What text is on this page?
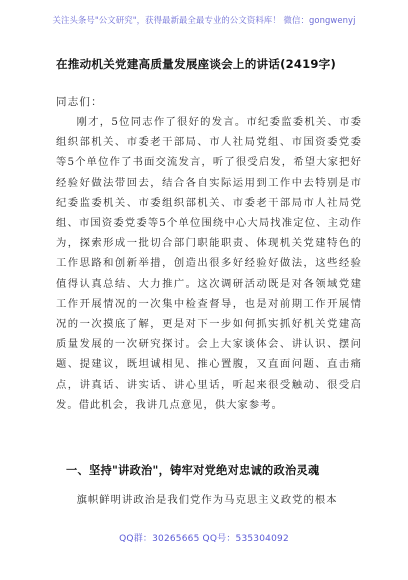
关注头条号"公文研究"，获得最新最全最专业的公文资料库！ 微信：gongwenyj
在推动机关党建高质量发展座谈会上的讲话(2419字)
同志们：

刚才，5位同志作了很好的发言。市纪委监委机关、市委组织部机关、市委老干部局、市人社局党组、市国资委党委等5个单位作了书面交流发言，听了很受启发，希望大家把好经验好做法带回去，结合各自实际运用到工作中去特别是市纪委监委机关、市委组织部机关、市委老干部局市人社局党组、市国资委党委等5个单位围绕中心大局找准定位、主动作为，探索形成一批切合部门职能职责、体现机关党建特色的工作思路和创新举措，创造出很多好经验好做法，这些经验值得认真总结、大力推广。这次调研活动既是对各领域党建工作开展情况的一次集中检查督导，也是对前期工作开展情况的一次摸底了解，更是对下一步如何抓实抓好机关党建高质量发展的一次研究探讨。会上大家谈体会、讲认识、摆问题、提建议，既坦诚相见、推心置腹，又直面问题、直击痛点，讲真话、讲实话、讲心里话，听起来很受触动、很受启发。借此机会，我讲几点意见，供大家参考。

一、坚持"讲政治"，铸牢对党绝对忠诚的政治灵魂

旗帜鲜明讲政治是我们党作为马克思主义政党的根本

QQ群：30265665 QQ号：535304092
